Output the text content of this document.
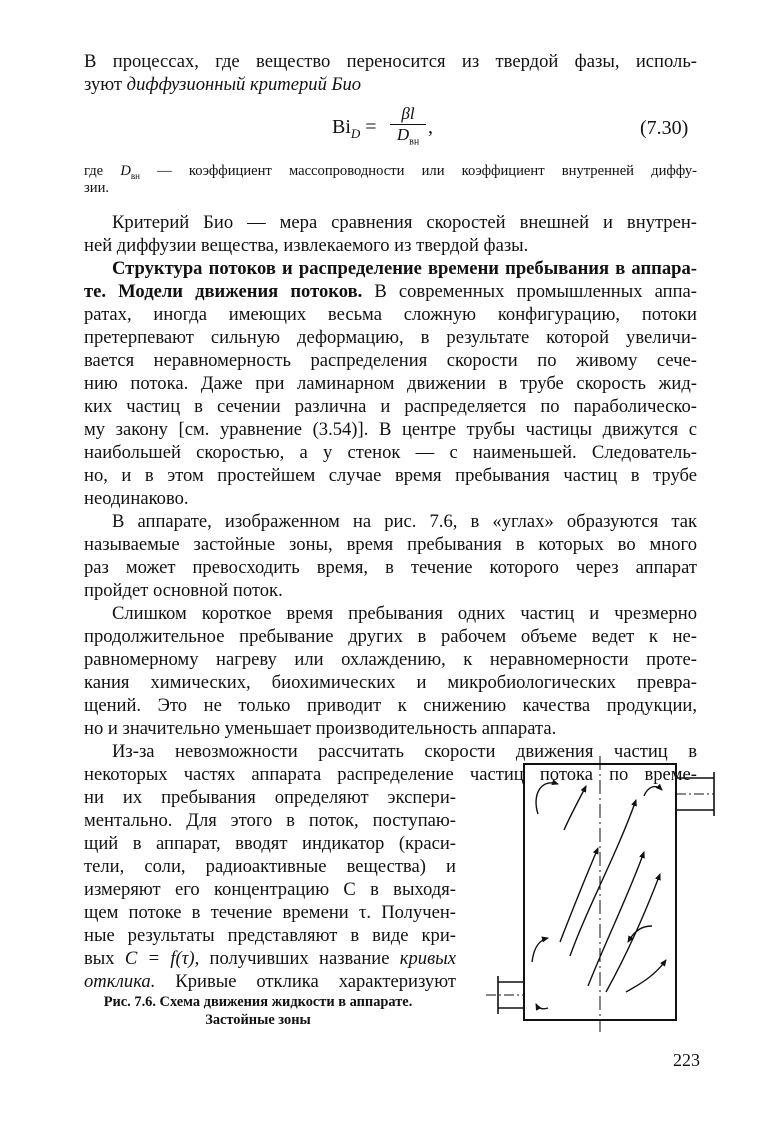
В процессах, где вещество переносится из твердой фазы, исполь-
зуют диффузионный критерий Био
$Bi_D$ =
βl
$D_{вн}$
,	(7.30)
где $D_{вн}$ — коэффициент массопроводности или коэффициент внутренней диффу-
зии.
Критерий Био — мера сравнения скоростей внешней и внутрен-
ней диффузии вещества, извлекаемого из твердой фазы.
Структура потоков и распределение времени пребывания в аппара-
те. Модели движения потоков. В современных промышленных аппа-
ратах, иногда имеющих весьма сложную конфигурацию, потоки
претерпевают сильную деформацию, в результате которой увеличи-
вается неравномерность распределения скорости по живому сече-
нию потока. Даже при ламинарном движении в трубе скорость жид-
ких частиц в сечении различна и распределяется по параболическо-
му закону [см. уравнение (3.54)]. В центре трубы частицы движутся с
наибольшей скоростью, а у стенок — с наименьшей. Следователь-
но, и в этом простейшем случае время пребывания частиц в трубе
неодинаково.
В аппарате, изображенном на рис. 7.6, в «углах» образуются так
называемые застойные зоны, время пребывания в которых во много
раз может превосходить время, в течение которого через аппарат
пройдет основной поток.
Слишком короткое время пребывания одних частиц и чрезмерно
продолжительное пребывание других в рабочем объеме ведет к не-
равномерному нагреву или охлаждению, к неравномерности проте-
кания химических, биохимических и микробиологических превра-
щений. Это не только приводит к снижению качества продукции,
но и значительно уменьшает производительность аппарата.
Из-за невозможности рассчитать скорости движения частиц в
некоторых частях аппарата распределение частиц потока по време-
ни их пребывания определяют экспери-
ментально. Для этого в поток, поступаю-
щий в аппарат, вводят индикатор (краси-
тели, соли, радиоактивные вещества) и
измеряют его концентрацию С в выходя-
щем потоке в течение времени τ. Получен-
ные результаты представляют в виде кри-
вых C = f(τ), получивших название кривых
отклика. Кривые отклика характеризуют
Рис. 7.6. Схема движения жидкости в аппарате.
Застойные зоны
223
